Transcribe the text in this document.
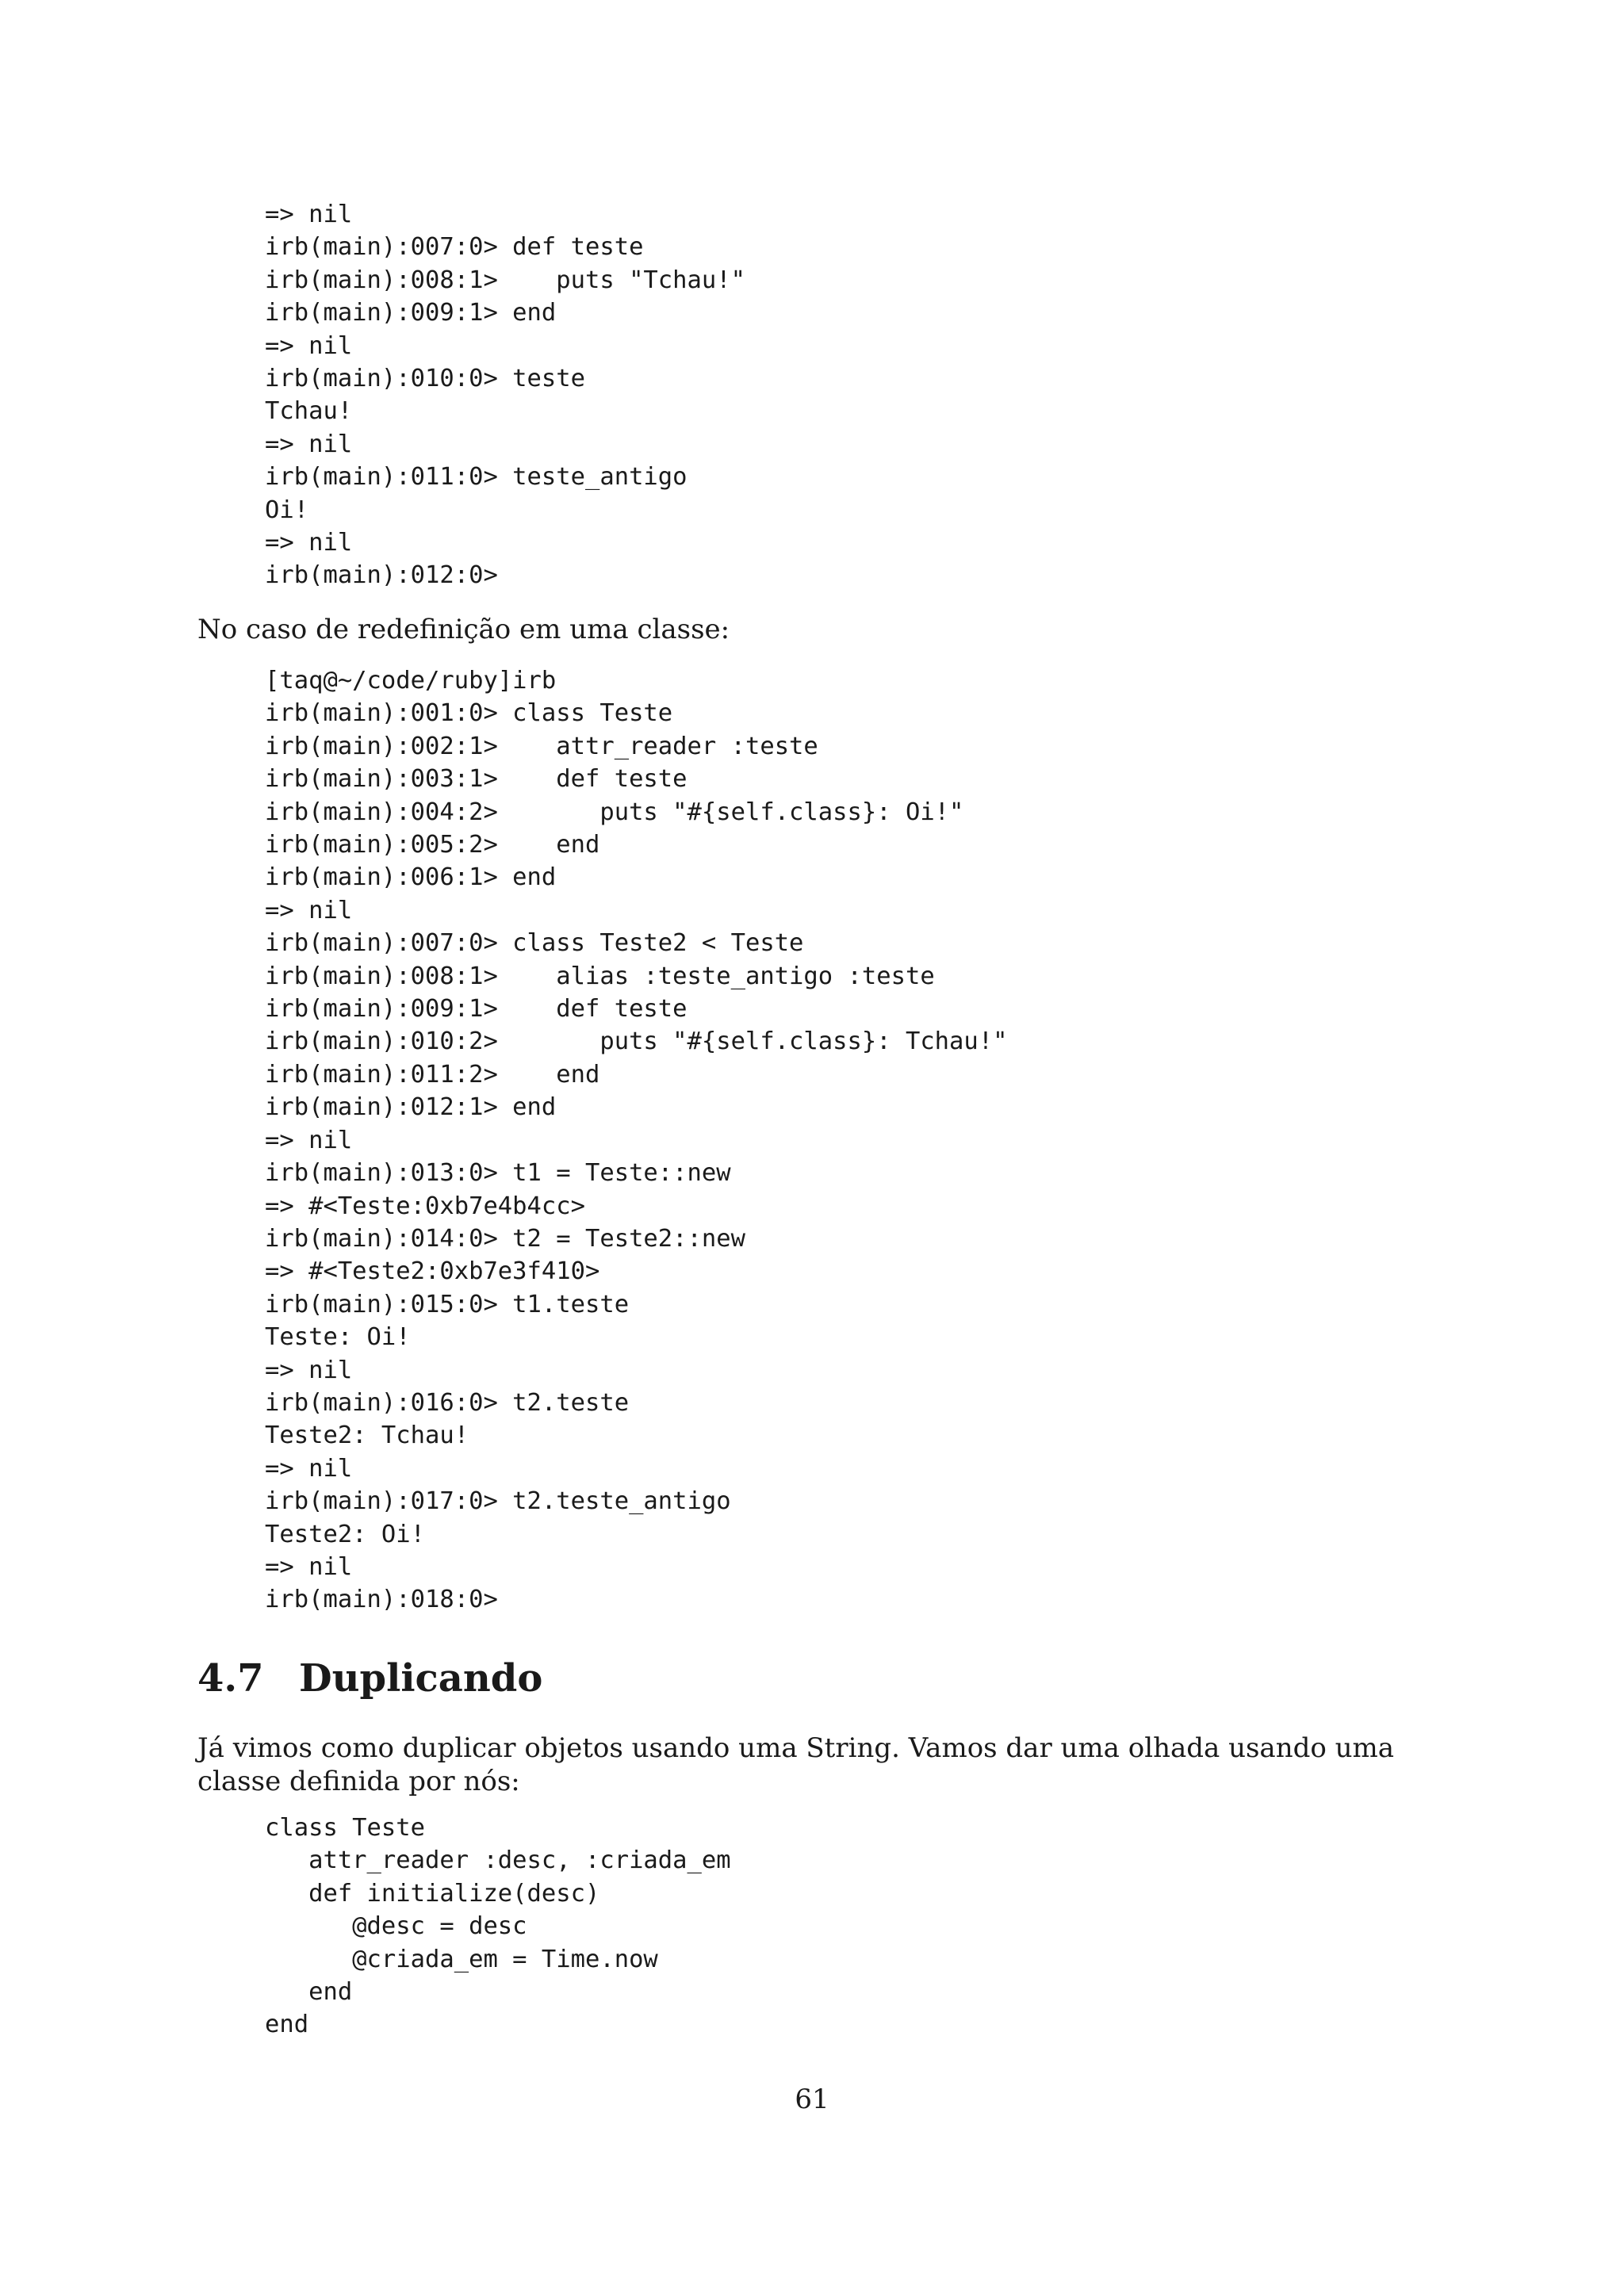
=> nil
irb(main):007:0> def teste
irb(main):008:1>    puts "Tchau!"
irb(main):009:1> end
=> nil
irb(main):010:0> teste
Tchau!
=> nil
irb(main):011:0> teste_antigo
Oi!
=> nil
irb(main):012:0>

No caso de redefinição em uma classe:

[taq@~/code/ruby]irb
irb(main):001:0> class Teste
irb(main):002:1>    attr_reader :teste
irb(main):003:1>    def teste
irb(main):004:2>       puts "#{self.class}: Oi!"
irb(main):005:2>    end
irb(main):006:1> end
=> nil
irb(main):007:0> class Teste2 < Teste
irb(main):008:1>    alias :teste_antigo :teste
irb(main):009:1>    def teste
irb(main):010:2>       puts "#{self.class}: Tchau!"
irb(main):011:2>    end
irb(main):012:1> end
=> nil
irb(main):013:0> t1 = Teste::new
=> #<Teste:0xb7e4b4cc>
irb(main):014:0> t2 = Teste2::new
=> #<Teste2:0xb7e3f410>
irb(main):015:0> t1.teste
Teste: Oi!
=> nil
irb(main):016:0> t2.teste
Teste2: Tchau!
=> nil
irb(main):017:0> t2.teste_antigo
Teste2: Oi!
=> nil
irb(main):018:0>
4.7 Duplicando

Já vimos como duplicar objetos usando uma String. Vamos dar uma olhada usando uma classe definida por nós:

class Teste
attr_reader :desc, :criada_em
def initialize(desc)
@desc = desc
@criada_em = Time.now
end
end
61
